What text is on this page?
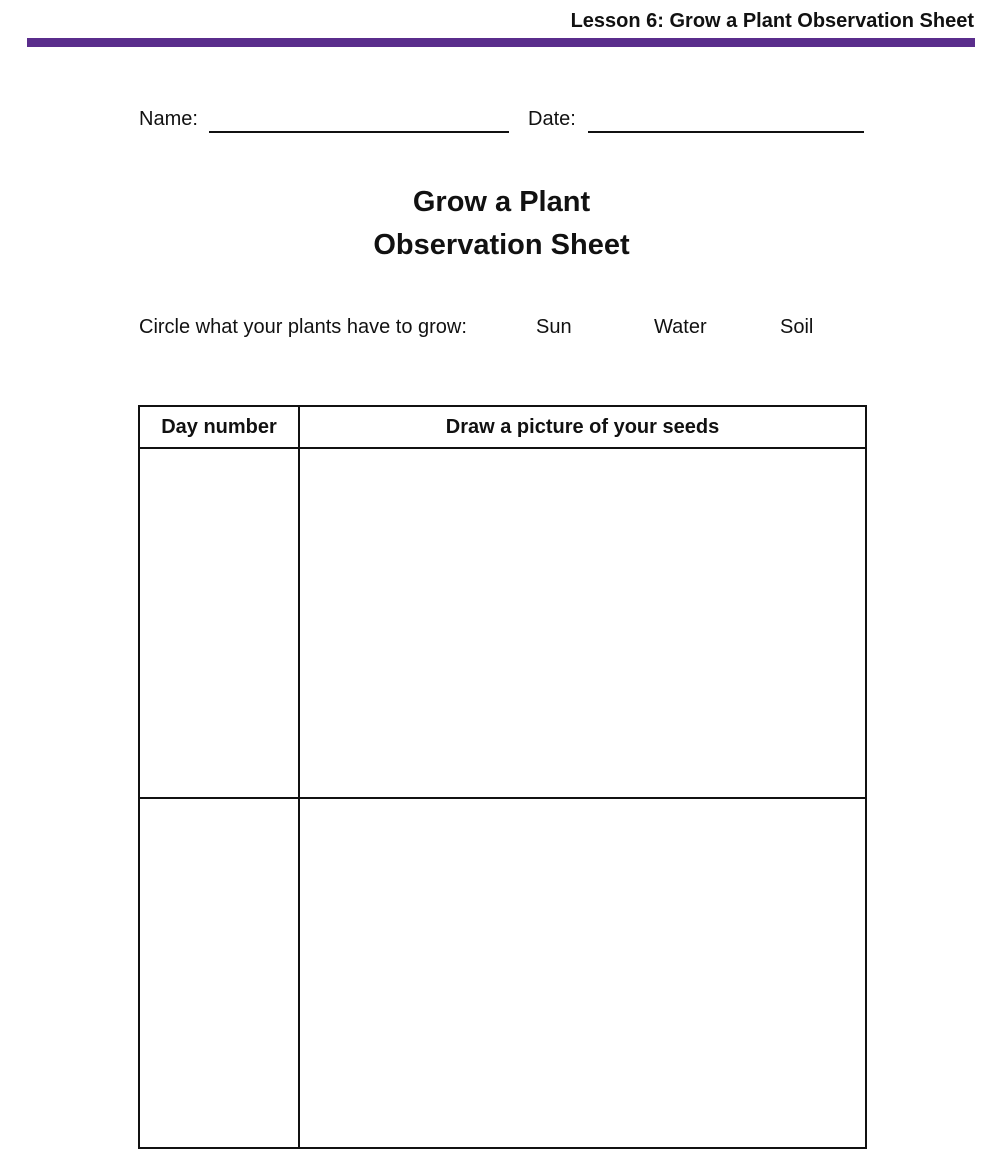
Lesson 6: Grow a Plant Observation Sheet
Name:	Date:
Grow a Plant
Observation Sheet
Circle what your plants have to grow:	Sun	Water	Soil
Day number	Draw a picture of your seeds
